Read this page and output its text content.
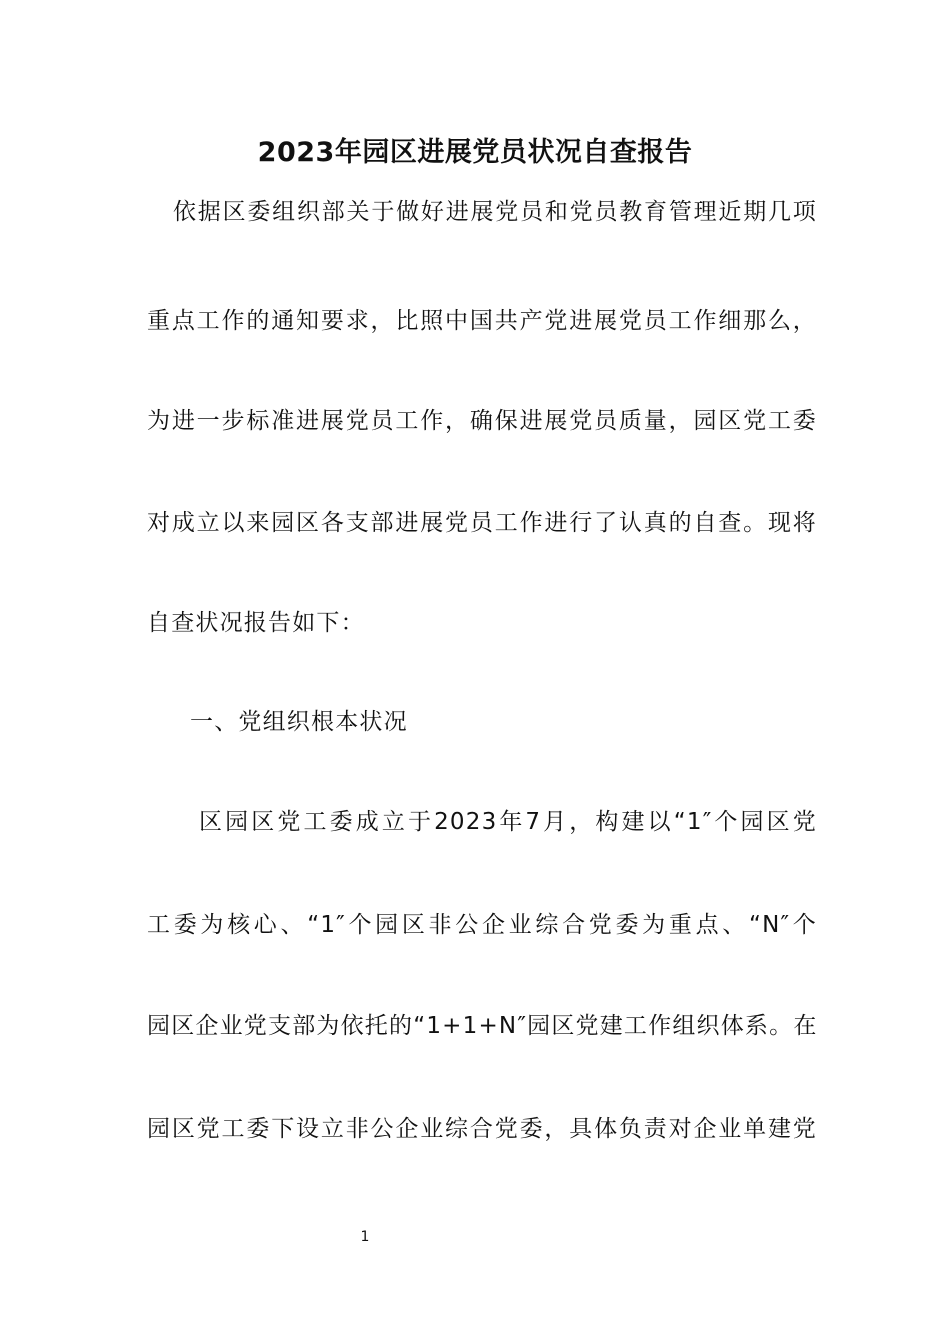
2023年园区进展党员状况自查报告
依据区委组织部关于做好进展党员和党员教育管理近期几项
重点工作的通知要求，比照中国共产党进展党员工作细那么，
为进一步标准进展党员工作，确保进展党员质量，园区党工委
对成立以来园区各支部进展党员工作进行了认真的自查。现将
自查状况报告如下：
一、党组织根本状况
区园区党工委成立于2023年7月，构建以“1″个园区党
工委为核心、“1″个园区非公企业综合党委为重点、“N″个
园区企业党支部为依托的“1+1+N″园区党建工作组织体系。在
园区党工委下设立非公企业综合党委，具体负责对企业单建党
1
